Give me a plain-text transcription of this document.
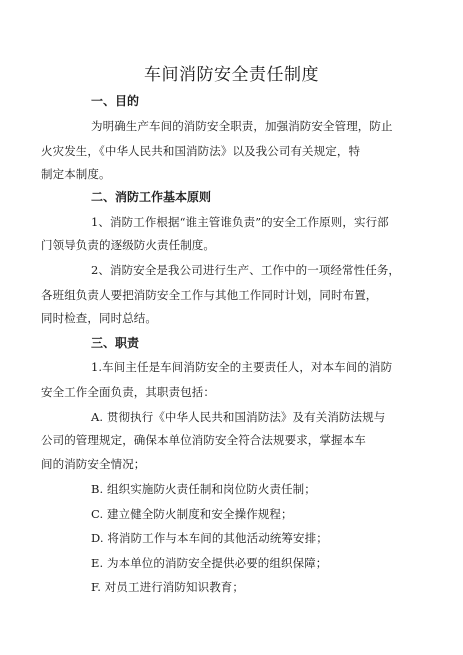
车间消防安全责任制度
一、目的
为明确生产车间的消防安全职责，加强消防安全管理，防止
火灾发生，《中华人民共和国消防法》以及我公司有关规定，特
制定本制度。
二、消防工作基本原则
1、消防工作根据“谁主管谁负责”的安全工作原则，实行部
门领导负责的逐级防火责任制度。
2、消防安全是我公司进行生产、工作中的一项经常性任务，
各班组负责人要把消防安全工作与其他工作同时计划，同时布置，
同时检查，同时总结。
三、职责
1.车间主任是车间消防安全的主要责任人，对本车间的消防
安全工作全面负责，其职责包括：
A. 贯彻执行《中华人民共和国消防法》及有关消防法规与
公司的管理规定，确保本单位消防安全符合法规要求，掌握本车
间的消防安全情况；
B. 组织实施防火责任制和岗位防火责任制；
C. 建立健全防火制度和安全操作规程；
D. 将消防工作与本车间的其他活动统筹安排；
E. 为本单位的消防安全提供必要的组织保障；
F. 对员工进行消防知识教育；
